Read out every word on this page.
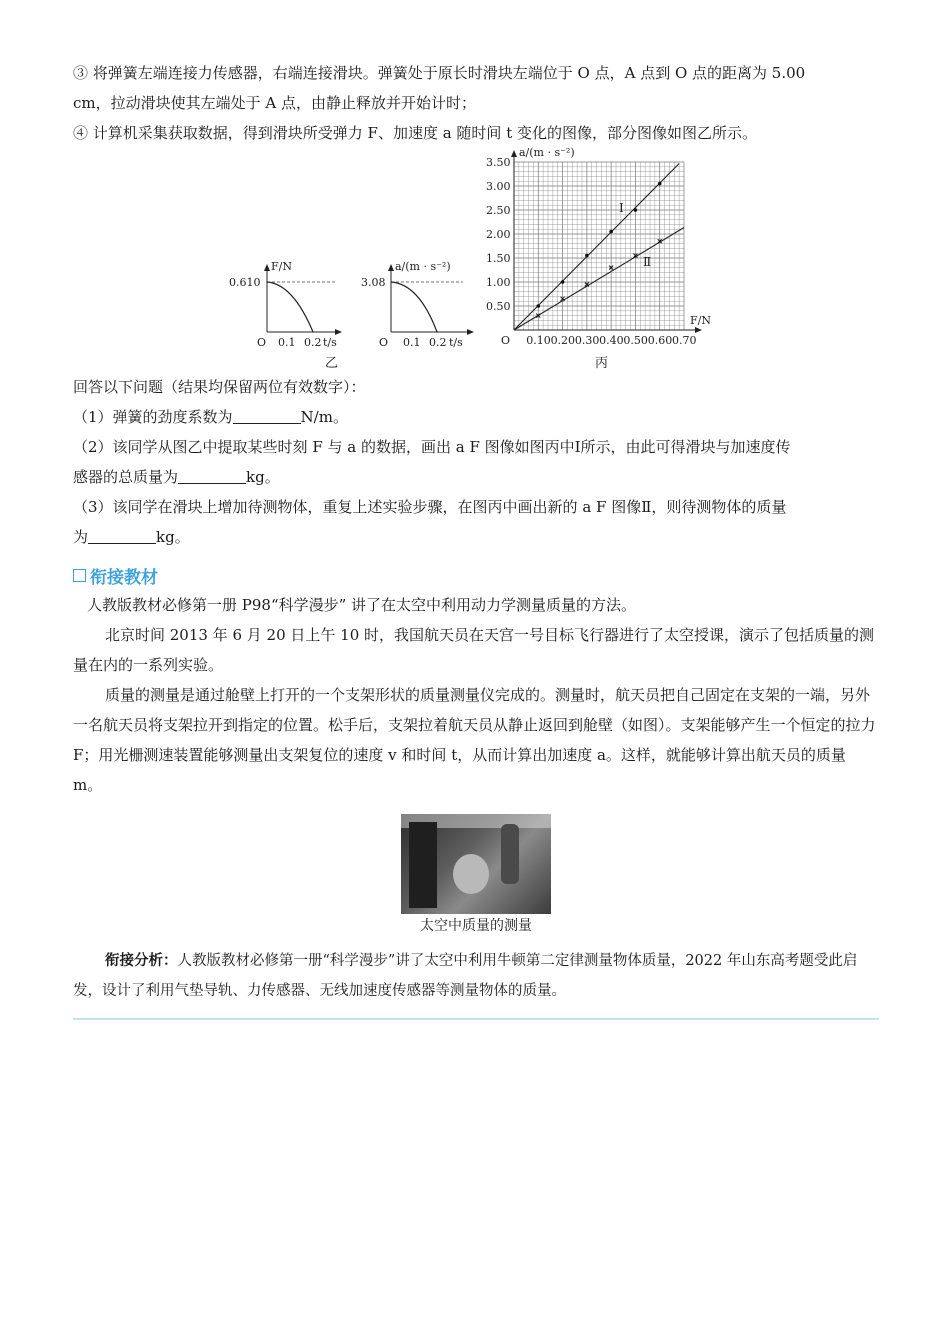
③ 将弹簧左端连接力传感器，右端连接滑块。弹簧处于原长时滑块左端位于 O 点，A 点到 O 点的距离为 5.00

cm，拉动滑块使其左端处于 A 点，由静止释放并开始计时；

④ 计算机采集获取数据，得到滑块所受弹力 F、加速度 a 随时间 t 变化的图像，部分图像如图乙所示。

F/N
0.610
O 0.1 0.2 t/s
a/(m · s⁻²)
3.08
O 0.1 0.2 t/s
乙
a/(m · s⁻²)
F/N
O
3.50
3.00
2.50
2.00
1.50
1.00
0.50
0.10 0.20 0.30 0.40 0.50 0.60 0.70
Ⅰ
Ⅱ
丙

回答以下问题（结果均保留两位有效数字）：

（1）弹簧的劲度系数为	N/m。

（2）该同学从图乙中提取某些时刻 F 与 a 的数据，画出 a F 图像如图丙中Ⅰ所示，由此可得滑块与加速度传

感器的总质量为	kg。

（3）该同学在滑块上增加待测物体，重复上述实验步骤，在图丙中画出新的 a F 图像Ⅱ，则待测物体的质量

为	kg。

衔接教材

人教版教材必修第一册 P98“科学漫步” 讲了在太空中利用动力学测量质量的方法。

北京时间 2013 年 6 月 20 日上午 10 时，我国航天员在天宫一号目标飞行器进行了太空授课，演示了包括质量的测量在内的一系列实验。

质量的测量是通过舱壁上打开的一个支架形状的质量测量仪完成的。测量时，航天员把自己固定在支架的一端，另外一名航天员将支架拉开到指定的位置。松手后，支架拉着航天员从静止返回到舱壁（如图）。支架能够产生一个恒定的拉力 F；用光栅测速装置能够测量出支架复位的速度 v 和时间 t，从而计算出加速度 a。这样，就能够计算出航天员的质量 m。

太空中质量的测量
衔接分析：人教版教材必修第一册“科学漫步”讲了太空中利用牛顿第二定律测量物体质量，2022 年山东高考题受此启发，设计了利用气垫导轨、力传感器、无线加速度传感器等测量物体的质量。
